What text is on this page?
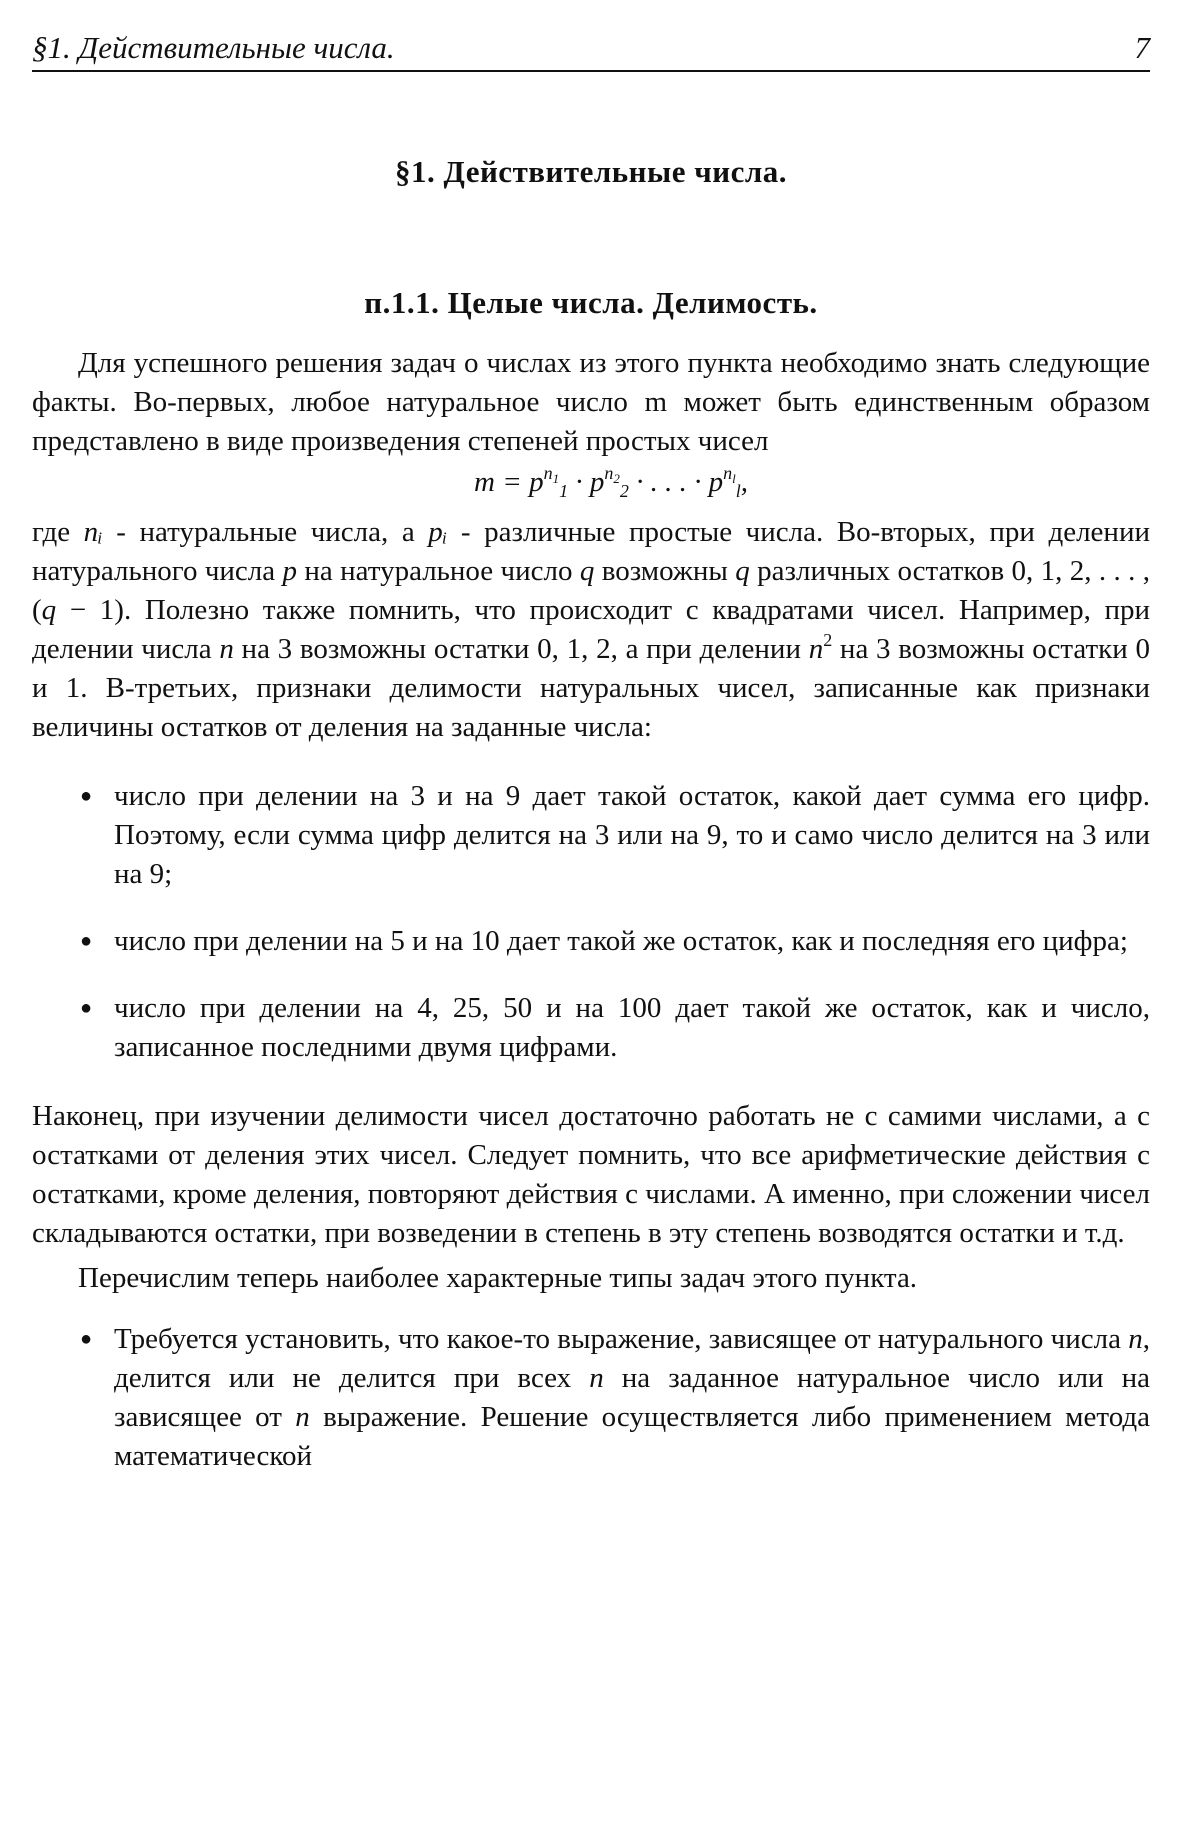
§1. Действительные числа.	7
§1. Действительные числа.
п.1.1. Целые числа. Делимость.

Для успешного решения задач о числах из этого пункта необходимо знать следующие факты. Во-первых, любое натуральное число m может быть единственным образом представлено в виде произведения степеней простых чисел

$m = p^{n_1}_1 \cdot p^{n_2}_2$ · . . . · $p^{n_l}_l$,

где nᵢ - натуральные числа, а pᵢ - различные простые числа. Во-вторых, при делении натурального числа p на натуральное число q возможны q различных остатков 0, 1, 2, . . . , (q − 1). Полезно также помнить, что происходит с квадратами чисел. Например, при делении числа n на 3 возможны остатки 0, 1, 2, а при делении $n^2$ на 3 возможны остатки 0 и 1. В-третьих, признаки делимости натуральных чисел, записанные как признаки величины остатков от деления на заданные числа:

● число при делении на 3 и на 9 дает такой остаток, какой дает сумма его цифр. Поэтому, если сумма цифр делится на 3 или на 9, то и само число делится на 3 или на 9;
● число при делении на 5 и на 10 дает такой же остаток, как и последняя его цифра;
● число при делении на 4, 25, 50 и на 100 дает такой же остаток, как и число, записанное последними двумя цифрами.

Наконец, при изучении делимости чисел достаточно работать не с самими числами, а с остатками от деления этих чисел. Следует помнить, что все арифметические действия с остатками, кроме деления, повторяют действия с числами. А именно, при сложении чисел складываются остатки, при возведении в степень в эту степень возводятся остатки и т.д.

Перечислим теперь наиболее характерные типы задач этого пункта.

● Требуется установить, что какое-то выражение, зависящее от натурального числа n, делится или не делится при всех n на заданное натуральное число или на зависящее от n выражение. Решение осуществляется либо применением метода математической
